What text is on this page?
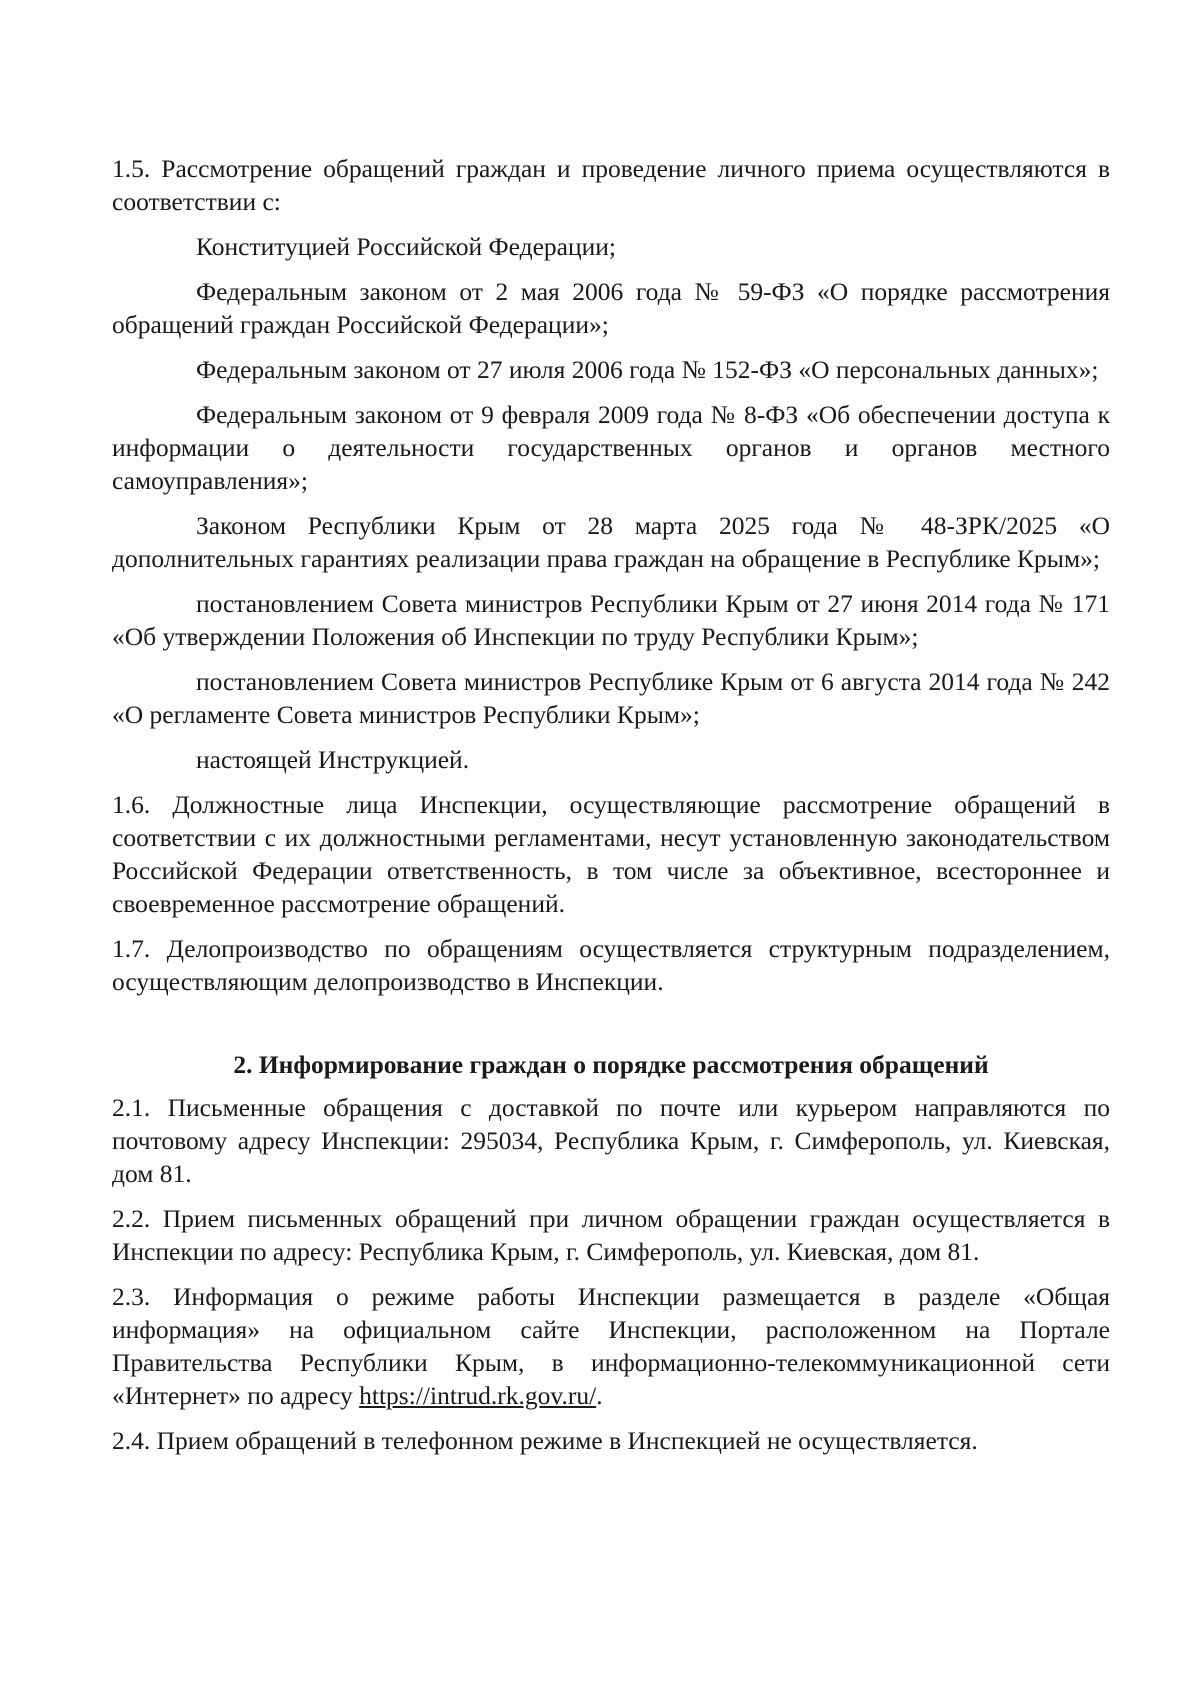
1.5. Рассмотрение обращений граждан и проведение личного приема осуществляются в соответствии с:

Конституцией Российской Федерации;

Федеральным законом от 2 мая 2006 года № 59-ФЗ «О порядке рассмотрения обращений граждан Российской Федерации»;

Федеральным законом от 27 июля 2006 года № 152-ФЗ «О персональных данных»;

Федеральным законом от 9 февраля 2009 года № 8-ФЗ «Об обеспечении доступа к информации о деятельности государственных органов и органов местного самоуправления»;

Законом Республики Крым от 28 марта 2025 года № 48-ЗРК/2025 «О дополнительных гарантиях реализации права граждан на обращение в Республике Крым»;

постановлением Совета министров Республики Крым от 27 июня 2014 года № 171 «Об утверждении Положения об Инспекции по труду Республики Крым»;

постановлением Совета министров Республике Крым от 6 августа 2014 года № 242 «О регламенте Совета министров Республики Крым»;

настоящей Инструкцией.

1.6. Должностные лица Инспекции, осуществляющие рассмотрение обращений в соответствии с их должностными регламентами, несут установленную законодательством Российской Федерации ответственность, в том числе за объективное, всестороннее и своевременное рассмотрение обращений.

1.7. Делопроизводство по обращениям осуществляется структурным подразделением, осуществляющим делопроизводство в Инспекции.

2. Информирование граждан о порядке рассмотрения обращений

2.1. Письменные обращения с доставкой по почте или курьером направляются по почтовому адресу Инспекции: 295034, Республика Крым, г. Симферополь, ул. Киевская, дом 81.

2.2. Прием письменных обращений при личном обращении граждан осуществляется в Инспекции по адресу: Республика Крым, г. Симферополь, ул. Киевская, дом 81.

2.3. Информация о режиме работы Инспекции размещается в разделе «Общая информация» на официальном сайте Инспекции, расположенном на Портале Правительства Республики Крым, в информационно-телекоммуникационной сети «Интернет» по адресу https://intrud.rk.gov.ru/.

2.4. Прием обращений в телефонном режиме в Инспекцией не осуществляется.
